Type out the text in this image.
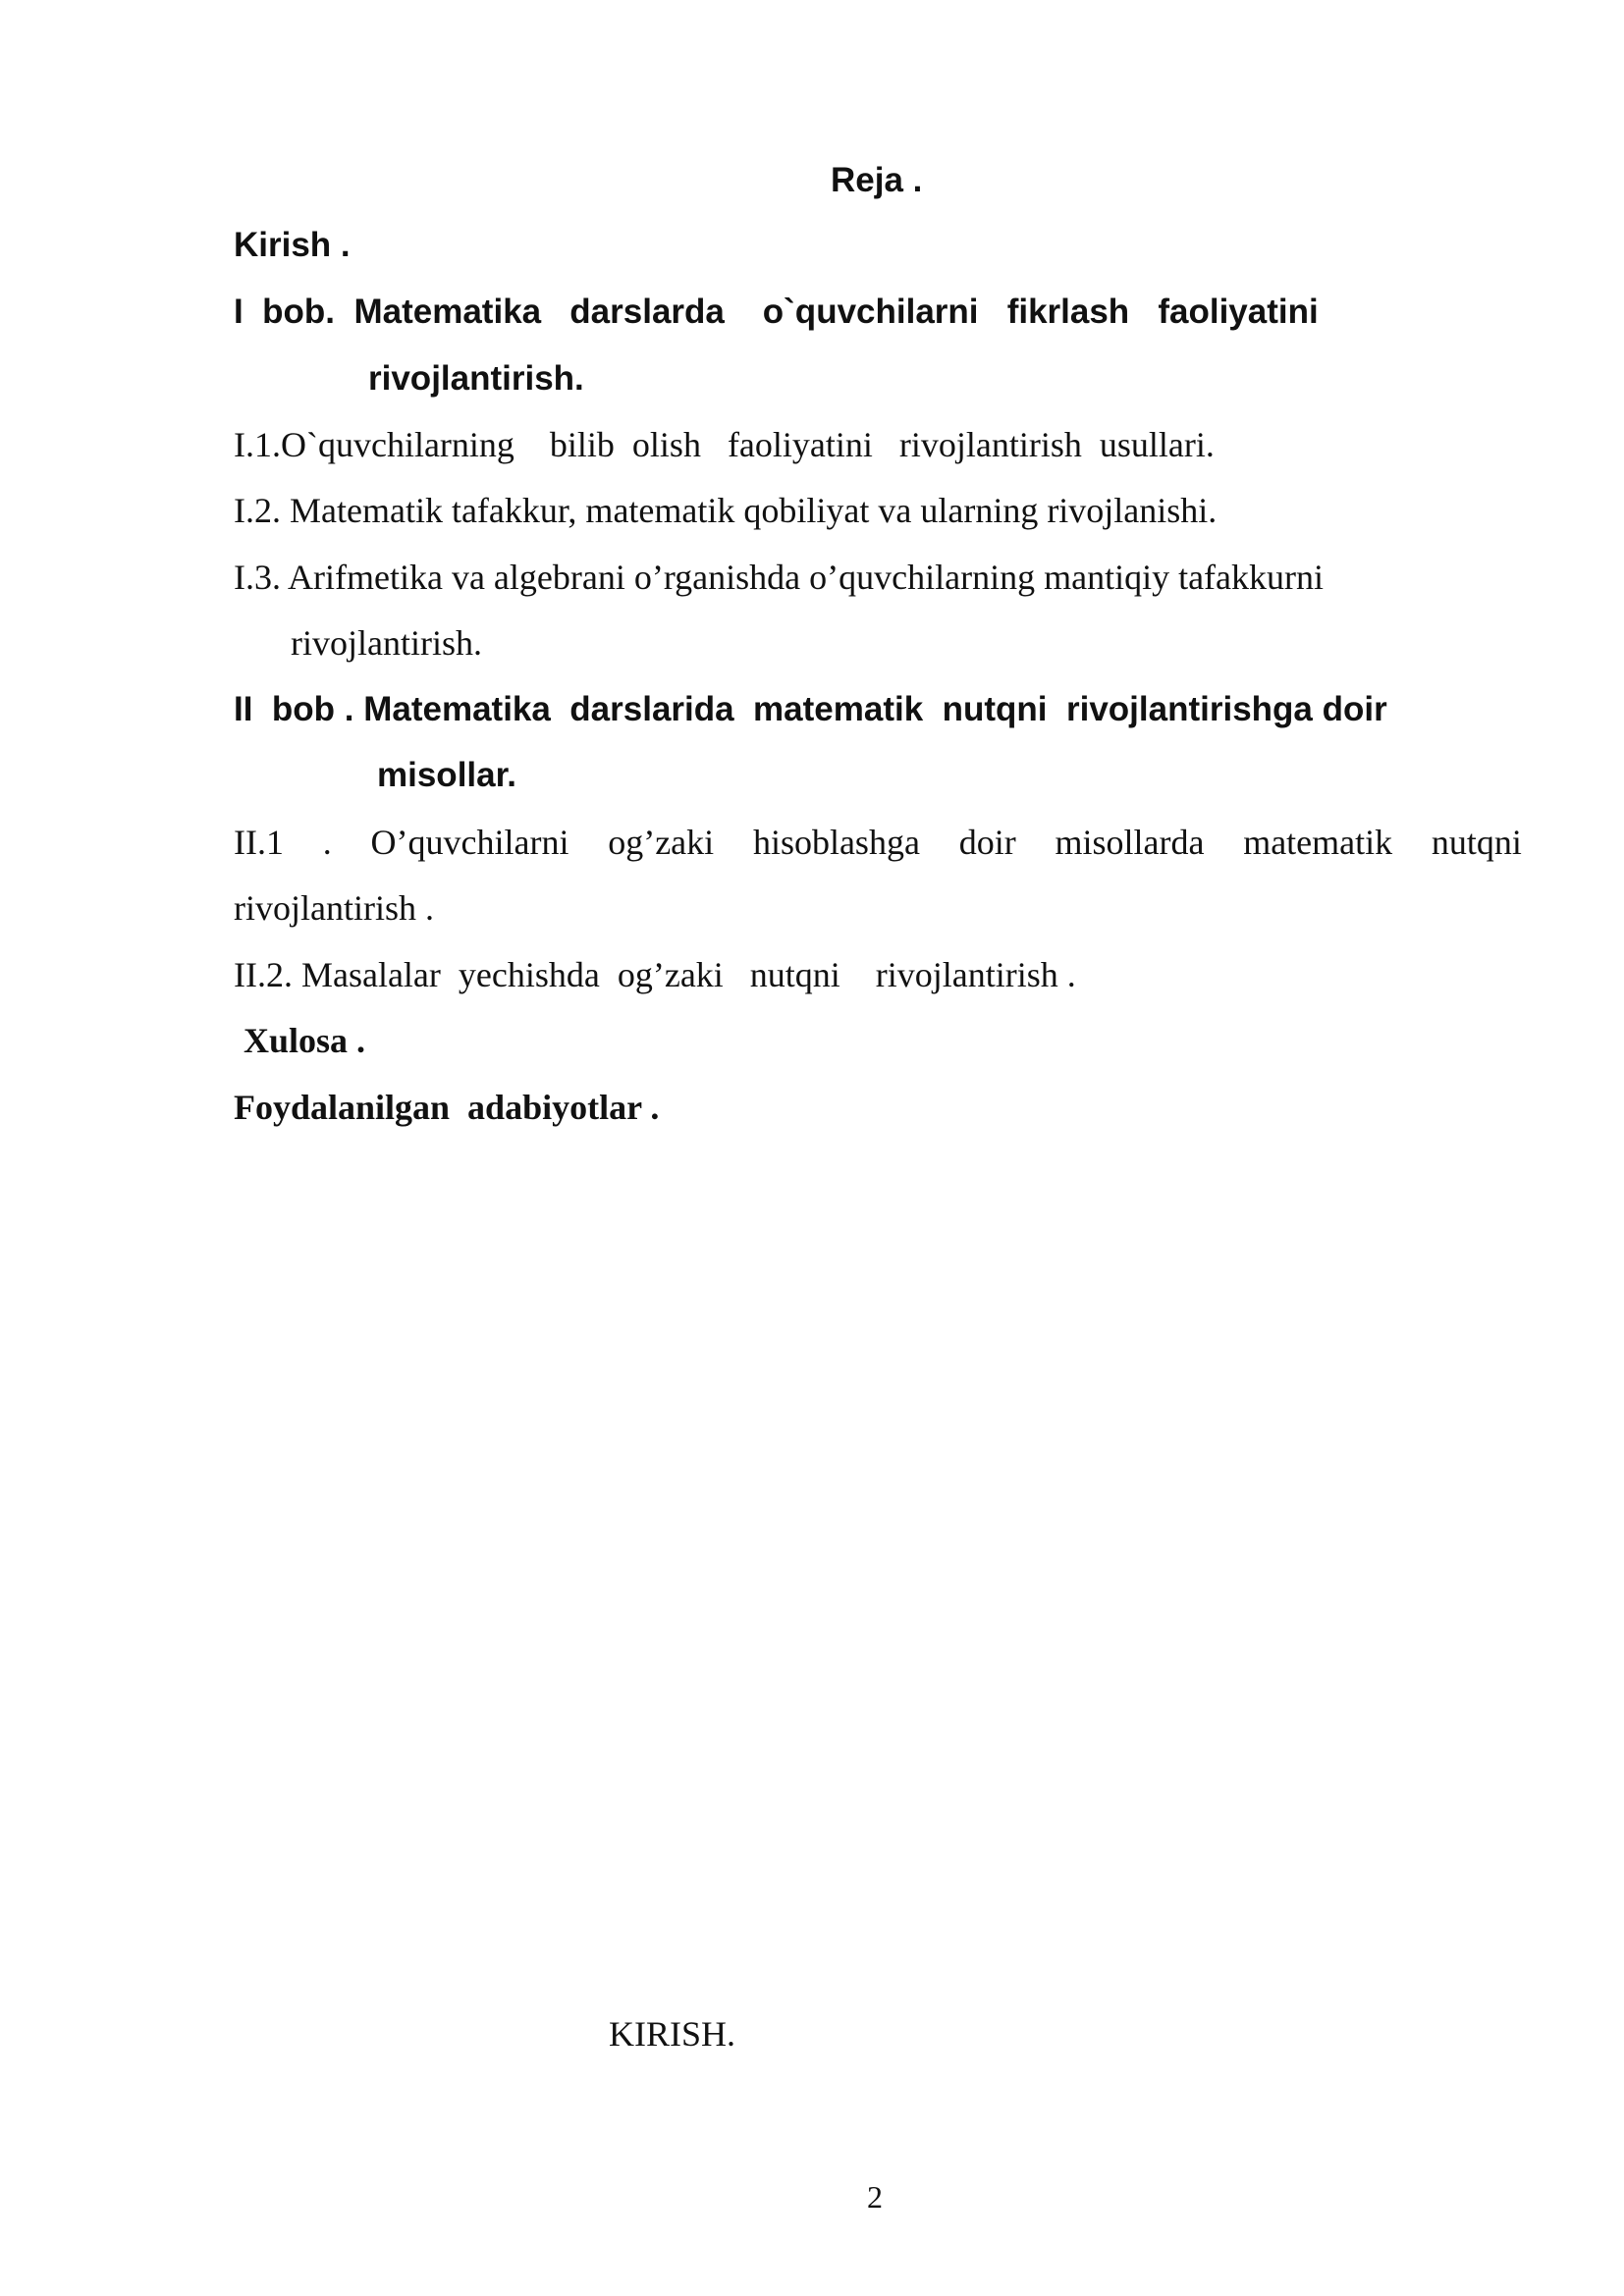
Reja .
Kirish .
I  bob.  Matematika   darslarda    o`quvchilarni   fikrlash   faoliyatini
rivojlantirish.
I.1.O`quvchilarning    bilib  olish   faoliyatini   rivojlantirish  usullari.
I.2. Matematik tafakkur, matematik qobiliyat va ularning rivojlanishi.
I.3. Arifmetika va algebrani o’rganishda o’quvchilarning mantiqiy tafakkurni
rivojlantirish.
II  bob . Matematika  darslarida  matematik  nutqni  rivojlantirishga doir
misollar.
II.1 . O’quvchilarni og’zaki hisoblashga doir misollarda matematik nutqni
rivojlantirish .
II.2. Masalalar  yechishda  og’zaki   nutqni    rivojlantirish .
Xulosa .
Foydalanilgan  adabiyotlar .
KIRISH.
2
